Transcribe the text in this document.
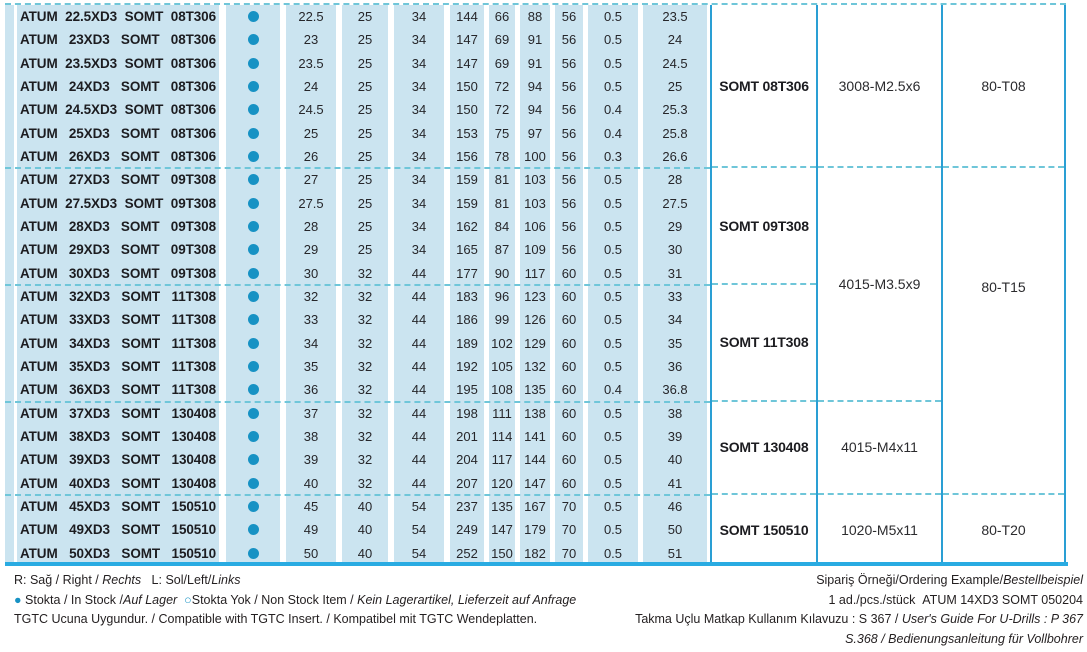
ATUM 22.5XD3 SOMT 08T306
ATUM 23XD3 SOMT 08T306
ATUM 23.5XD3 SOMT 08T306
ATUM 24XD3 SOMT 08T306
ATUM 24.5XD3 SOMT 08T306
ATUM 25XD3 SOMT 08T306
ATUM 26XD3 SOMT 08T306
ATUM 27XD3 SOMT 09T308
ATUM 27.5XD3 SOMT 09T308
ATUM 28XD3 SOMT 09T308
ATUM 29XD3 SOMT 09T308
ATUM 30XD3 SOMT 09T308
ATUM 32XD3 SOMT 11T308
ATUM 33XD3 SOMT 11T308
ATUM 34XD3 SOMT 11T308
ATUM 35XD3 SOMT 11T308
ATUM 36XD3 SOMT 11T308
ATUM 37XD3 SOMT 130408
ATUM 38XD3 SOMT 130408
ATUM 39XD3 SOMT 130408
ATUM 40XD3 SOMT 130408
ATUM 45XD3 SOMT 150510
ATUM 49XD3 SOMT 150510
ATUM 50XD3 SOMT 150510
22.5
23
23.5
24
24.5
25
26
27
27.5
28
29
30
32
33
34
35
36
37
38
39
40
45
49
50
25
25
25
25
25
25
25
25
25
25
25
32
32
32
32
32
32
32
32
32
32
40
40
40
34
34
34
34
34
34
34
34
34
34
34
44
44
44
44
44
44
44
44
44
44
54
54
54
144
147
147
150
150
153
156
159
159
162
165
177
183
186
189
192
195
198
201
204
207
237
249
252
66
69
69
72
72
75
78
81
81
84
87
90
96
99
102
105
108
111
114
117
120
135
147
150
88
91
91
94
94
97
100
103
103
106
109
117
123
126
129
132
135
138
141
144
147
167
179
182
56
56
56
56
56
56
56
56
56
56
56
60
60
60
60
60
60
60
60
60
60
70
70
70
0.5
0.5
0.5
0.5
0.4
0.4
0.3
0.5
0.5
0.5
0.5
0.5
0.5
0.5
0.5
0.5
0.4
0.5
0.5
0.5
0.5
0.5
0.5
0.5
23.5
24
24.5
25
25.3
25.8
26.6
28
27.5
29
30
31
33
34
35
36
36.8
38
39
40
41
46
50
51
SOMT 08T306
SOMT 09T308
SOMT 11T308
SOMT 130408
SOMT 150510
3008-M2.5x6
4015-M3.5x9
4015-M4x11
1020-M5x11
80-T08
80-T15
80-T20
R: Sağ / Right / Rechts   L: Sol/Left/Links
● Stokta / In Stock /Auf Lager ○Stokta Yok / Non Stock Item / Kein Lagerartikel, Lieferzeit auf Anfrage
TGTC Ucuna Uygundur. / Compatible with TGTC Insert. / Kompatibel mit TGTC Wendeplatten.
Sipariş Örneği/Ordering Example/Bestellbeispiel
1 ad./pcs./stück  ATUM 14XD3 SOMT 050204
Takma Uçlu Matkap Kullanım Kılavuzu : S 367 / User's Guide For U-Drills : P 367
S.368 / Bedienungsanleitung für Vollbohrer
